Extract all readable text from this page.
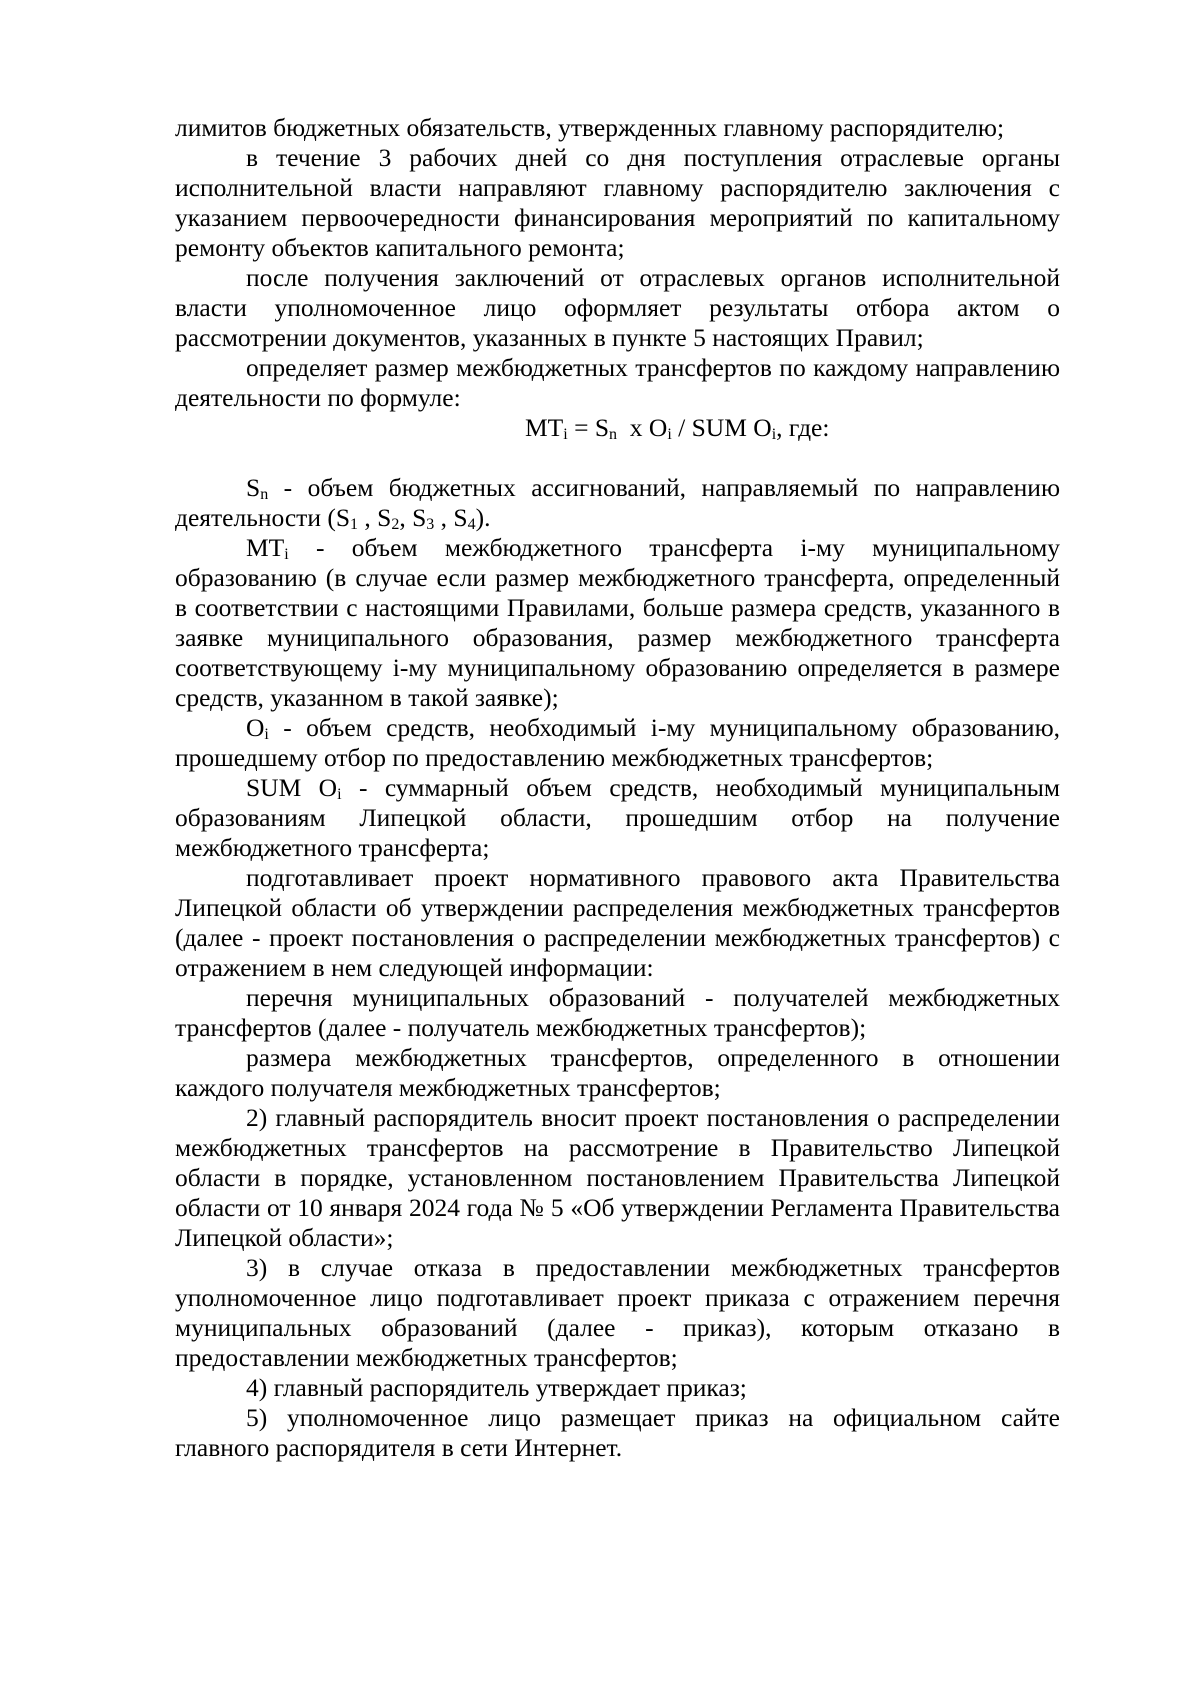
лимитов бюджетных обязательств, утвержденных главному распорядителю;

в течение 3 рабочих дней со дня поступления отраслевые органы исполнительной власти направляют главному распорядителю заключения с указанием первоочередности финансирования мероприятий по капитальному ремонту объектов капитального ремонта;

после получения заключений от отраслевых органов исполнительной власти уполномоченное лицо оформляет результаты отбора актом о рассмотрении документов, указанных в пункте 5 настоящих Правил;

определяет размер межбюджетных трансфертов по каждому направлению деятельности по формуле:

$MT_i = S_n$  x $O_i$ / SUM $O_i$, где:

$S_n$ - объем бюджетных ассигнований, направляемый по направлению деятельности ($S_1$ , $S_2$, $S_3$ , $S_4$).

$MT_i$ - объем межбюджетного трансферта i-му муниципальному образованию (в случае если размер межбюджетного трансферта, определенный в соответствии с настоящими Правилами, больше размера средств, указанного в заявке муниципального образования, размер межбюджетного трансферта соответствующему i-му муниципальному образованию определяется в размере средств, указанном в такой заявке);

$O_i$ - объем средств, необходимый i-му муниципальному образованию, прошедшему отбор по предоставлению межбюджетных трансфертов;

SUM $O_i$ - суммарный объем средств, необходимый муниципальным образованиям Липецкой области, прошедшим отбор на получение межбюджетного трансферта;

подготавливает проект нормативного правового акта Правительства Липецкой области об утверждении распределения межбюджетных трансфертов (далее - проект постановления о распределении межбюджетных трансфертов) с отражением в нем следующей информации:

перечня муниципальных образований - получателей межбюджетных трансфертов (далее - получатель межбюджетных трансфертов);

размера межбюджетных трансфертов, определенного в отношении каждого получателя межбюджетных трансфертов;

2) главный распорядитель вносит проект постановления о распределении межбюджетных трансфертов на рассмотрение в Правительство Липецкой области в порядке, установленном постановлением Правительства Липецкой области от 10 января 2024 года № 5 «Об утверждении Регламента Правительства Липецкой области»;

3) в случае отказа в предоставлении межбюджетных трансфертов уполномоченное лицо подготавливает проект приказа с отражением перечня муниципальных образований (далее - приказ), которым отказано в предоставлении межбюджетных трансфертов;

4) главный распорядитель утверждает приказ;

5) уполномоченное лицо размещает приказ на официальном сайте главного распорядителя в сети Интернет.
